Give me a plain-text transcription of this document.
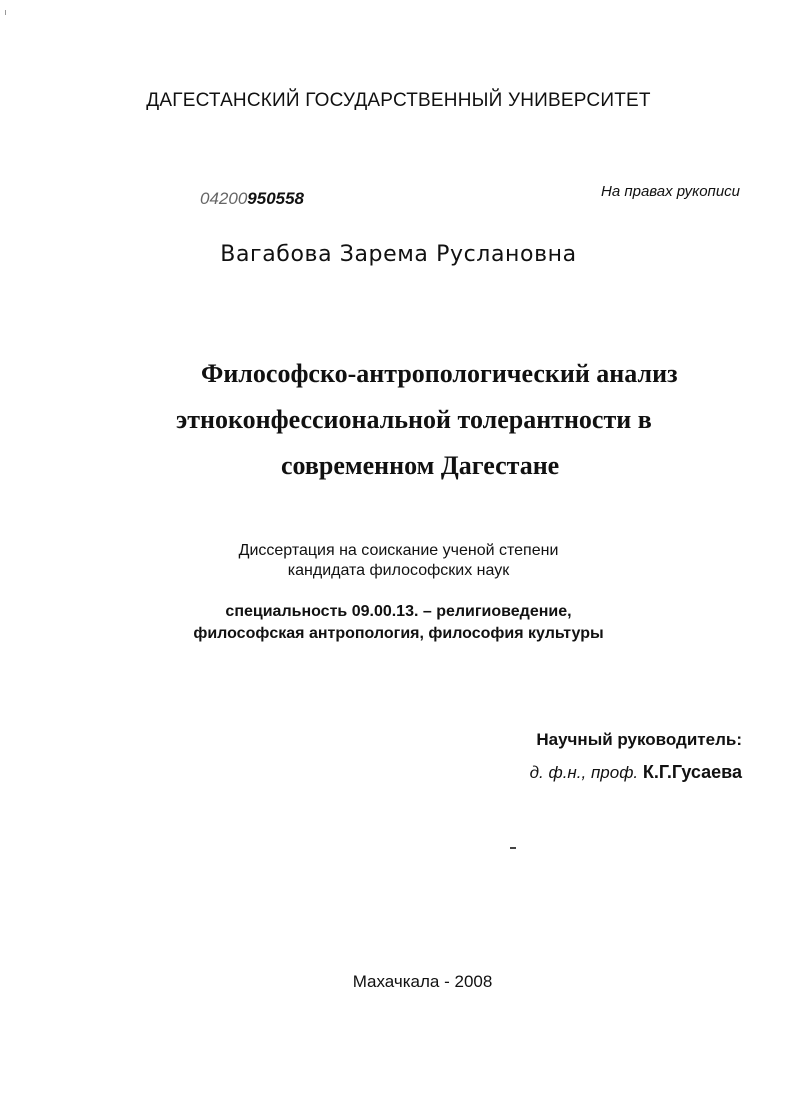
ДАГЕСТАНСКИЙ ГОСУДАРСТВЕННЫЙ УНИВЕРСИТЕТ
04200950558	На правах рукописи
Вагабова Зарема Руслановна
Философско-антропологический анализ
этноконфессиональной толерантности в
современном Дагестане
Диссертация на соискание ученой степени
кандидата философских наук
специальность 09.00.13. – религиоведение,
философская антропология, философия культуры
Научный руководитель:
д. ф.н., проф. К.Г.Гусаева
Махачкала - 2008
